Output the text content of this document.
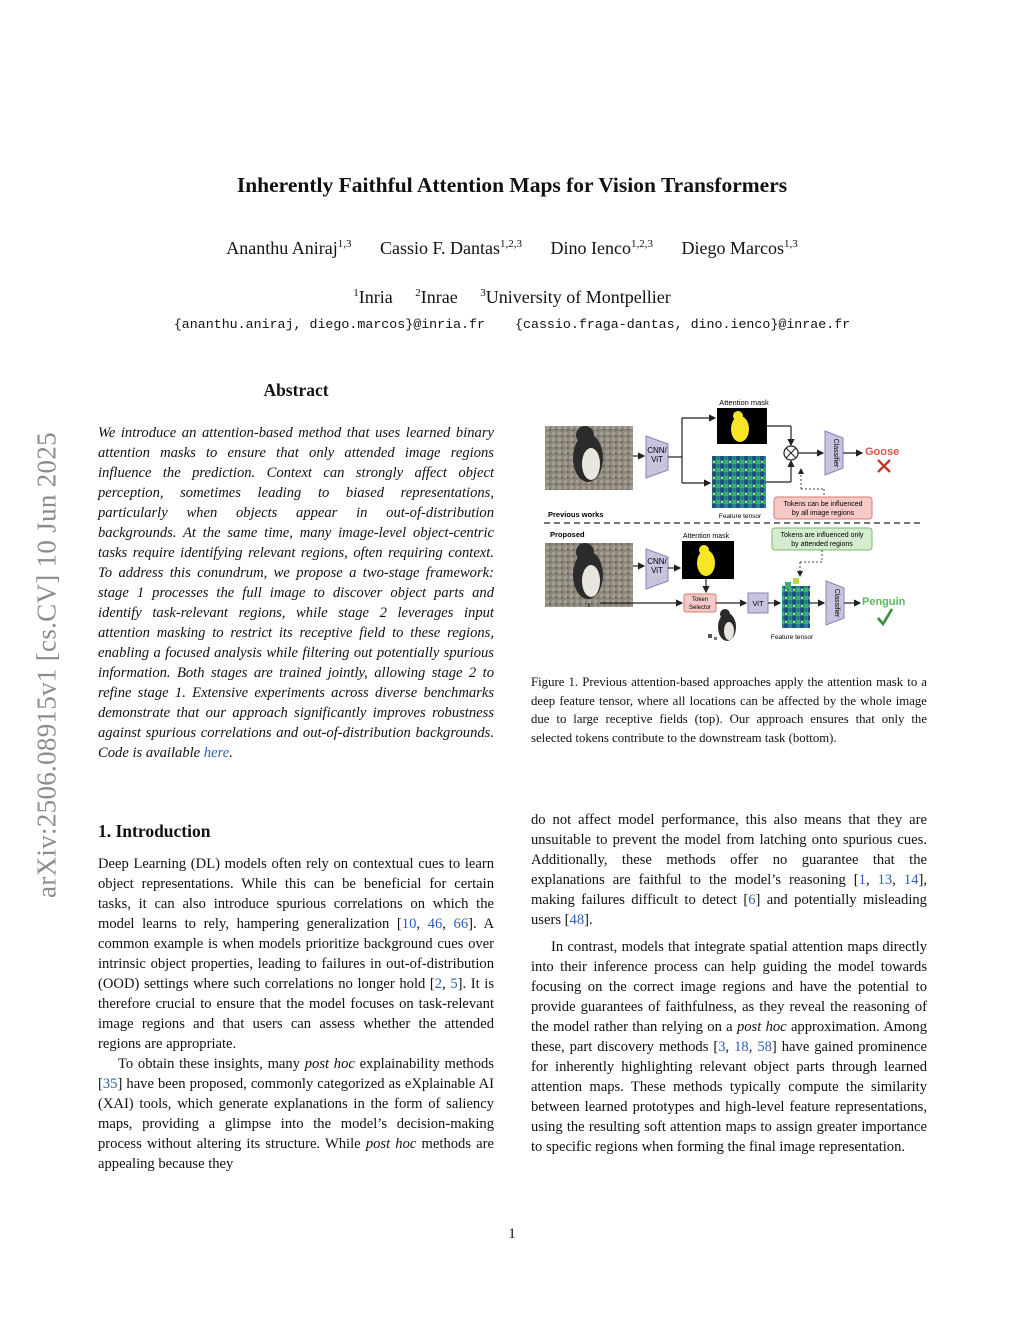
arXiv:2506.08915v1 [cs.CV] 10 Jun 2025
Inherently Faithful Attention Maps for Vision Transformers
Ananthu Aniraj$^{1,3}$ Cassio F. Dantas$^{1,2,3}$ Dino Ienco$^{1,2,3}$ Diego Marcos$^{1,3}$
$^1$Inria $^2$Inrae $^3$University of Montpellier
{ananthu.aniraj, diego.marcos}@inria.fr {cassio.fraga-dantas, dino.ienco}@inrae.fr
Abstract
We introduce an attention-based method that uses learned binary attention masks to ensure that only attended image regions influence the prediction. Context can strongly affect object perception, sometimes leading to biased representations, particularly when objects appear in out-of-distribution backgrounds. At the same time, many image-level object-centric tasks require identifying relevant regions, often requiring context. To address this conundrum, we propose a two-stage framework: stage 1 processes the full image to discover object parts and identify task-relevant regions, while stage 2 leverages input attention masking to restrict its receptive field to these regions, enabling a focused analysis while filtering out potentially spurious information. Both stages are trained jointly, allowing stage 2 to refine stage 1. Extensive experiments across diverse benchmarks demonstrate that our approach significantly improves robustness against spurious correlations and out-of-distribution backgrounds. Code is available here.
1. Introduction

Deep Learning (DL) models often rely on contextual cues to learn object representations. While this can be beneficial for certain tasks, it can also introduce spurious correlations on which the model learns to rely, hampering generalization [10, 46, 66]. A common example is when models prioritize background cues over intrinsic object properties, leading to failures in out-of-distribution (OOD) settings where such correlations no longer hold [2, 5]. It is therefore crucial to ensure that the model focuses on task-relevant image regions and that users can assess whether the attended regions are appropriate.

To obtain these insights, many post hoc explainability methods [35] have been proposed, commonly categorized as eXplainable AI (XAI) tools, which generate explanations in the form of saliency maps, providing a glimpse into the model’s decision-making process without altering its structure. While post hoc methods are appealing because they

do not affect model performance, this also means that they are unsuitable to prevent the model from latching onto spurious cues. Additionally, these methods offer no guarantee that the explanations are faithful to the model’s reasoning [1, 13, 14], making failures difficult to detect [6] and potentially misleading users [48].

In contrast, models that integrate spatial attention maps directly into their inference process can help guiding the model towards focusing on the correct image regions and have the potential to provide guarantees of faithfulness, as they reveal the reasoning of the model rather than relying on a post hoc approximation. Among these, part discovery methods [3, 18, 58] have gained prominence for inherently highlighting relevant object parts through learned attention maps. These methods typically compute the similarity between learned prototypes and high-level feature representations, using the resulting soft attention maps to assign greater importance to specific regions when forming the final image representation.

CNN/
ViT
Attention mask
Feature tensor
Classifier Goose
Tokens can be influenced
by all image regions
Previous works
Proposed
CNN/
ViT
Attention mask
Token
Selector	ViT
Feature tensor
Tokens are influenced only
by attended regions
Classifier Penguin
Figure 1. Previous attention-based approaches apply the attention mask to a deep feature tensor, where all locations can be affected by the whole image due to large receptive fields (top). Our approach ensures that only the selected tokens contribute to the downstream task (bottom).
1
